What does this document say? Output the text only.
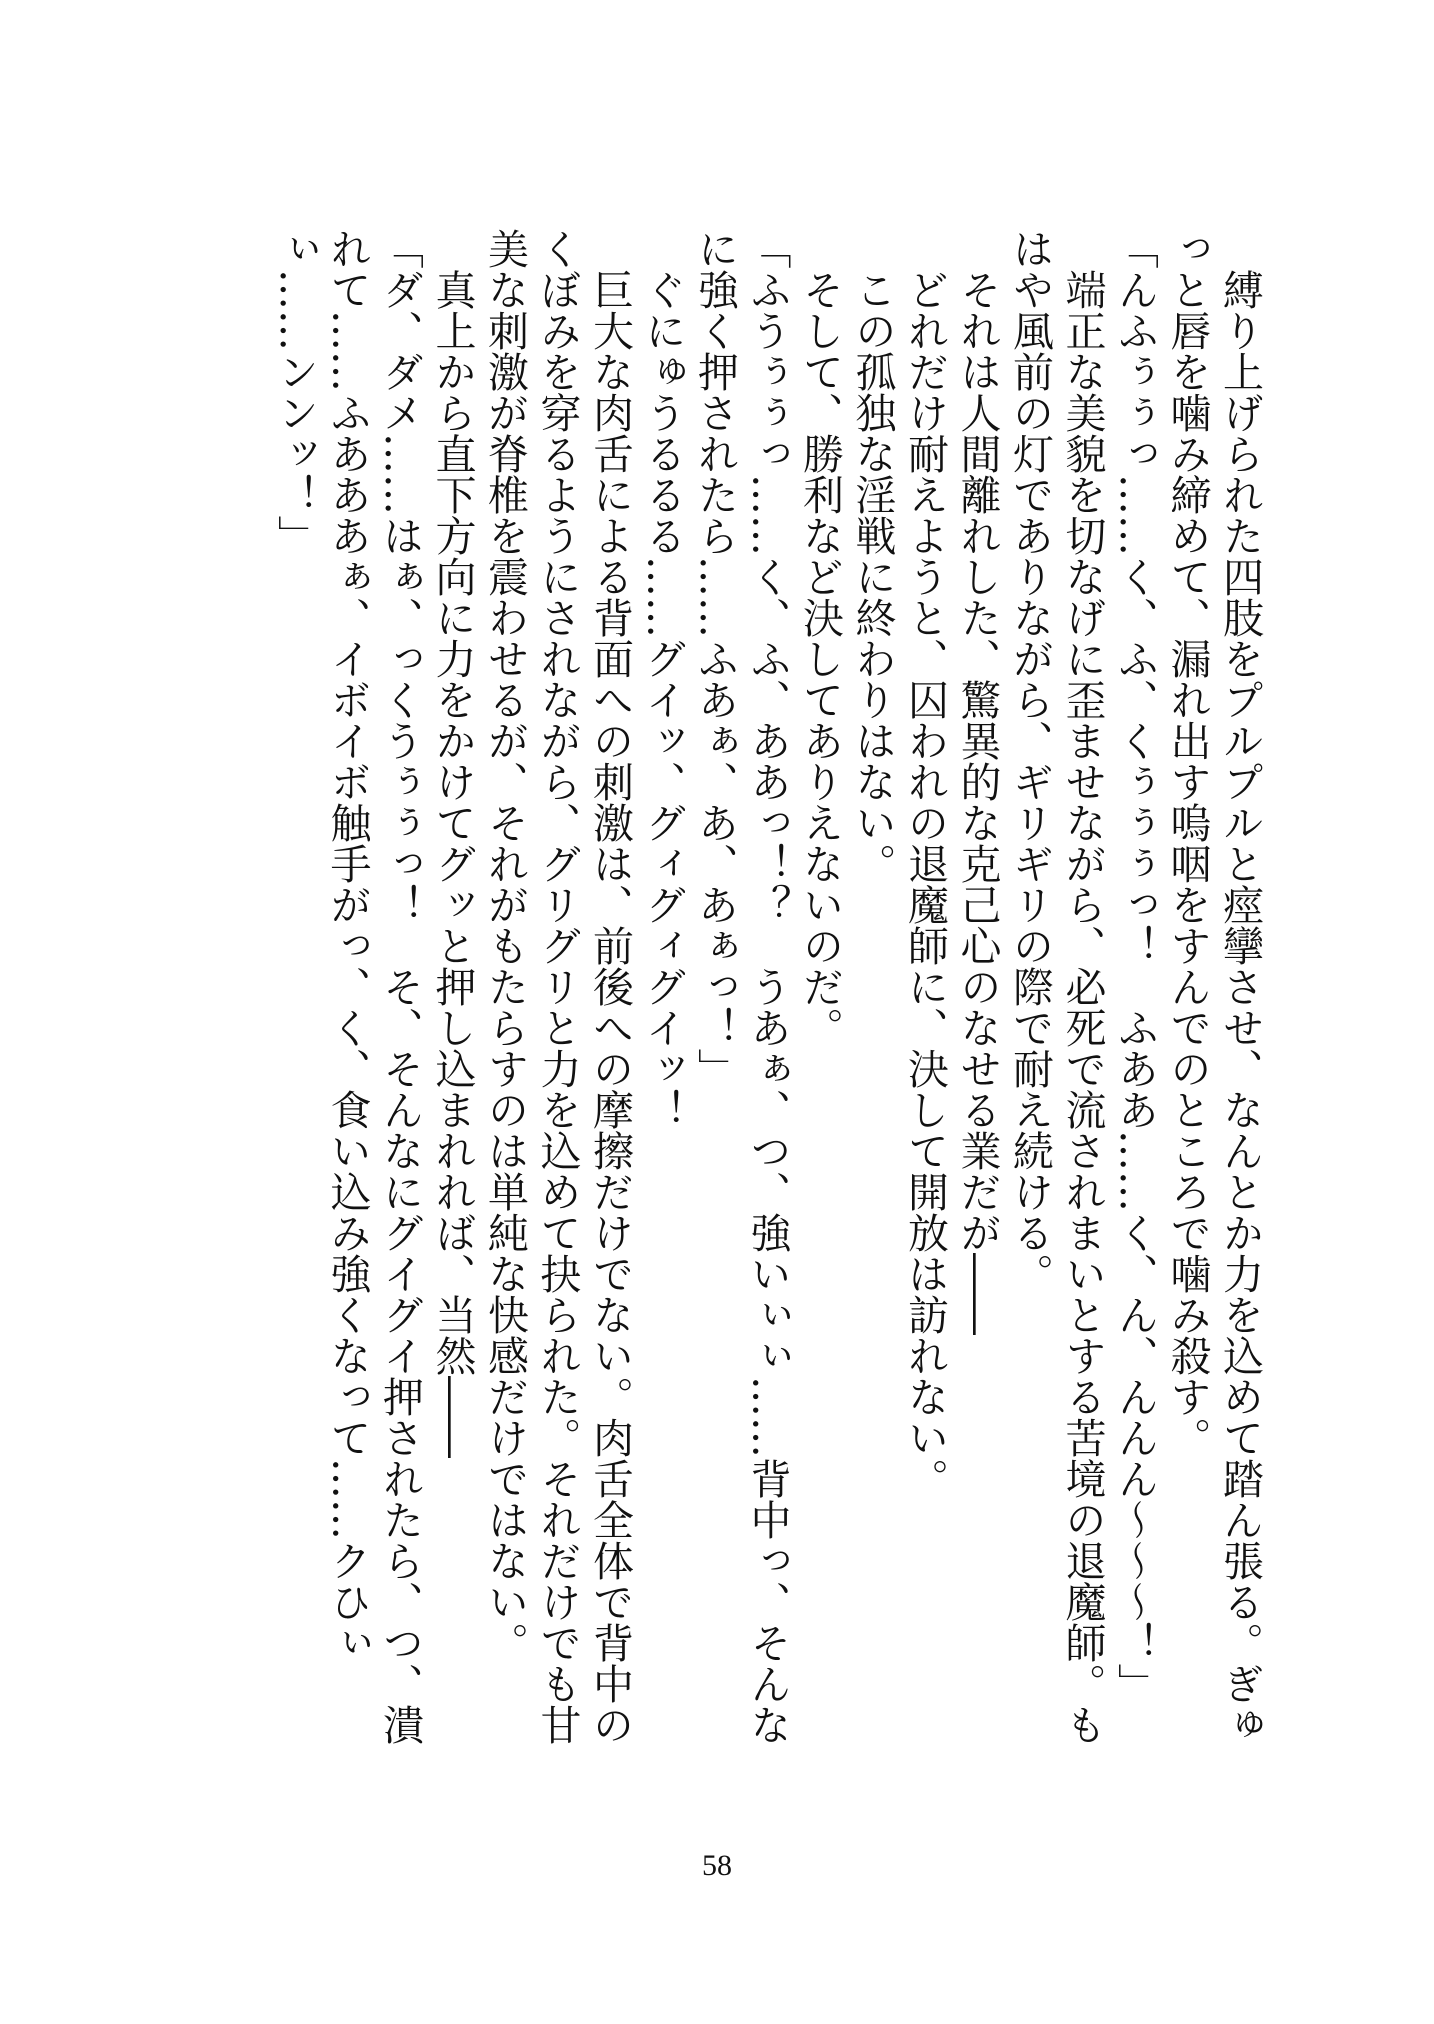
　縛り上げられた四肢をプルプルと痙攣させ、なんとか力を込めて踏ん張る。ぎゅっと唇を噛み締めて、漏れ出す嗚咽をすんでのところで噛み殺す。

「んふぅぅっ……く、ふ、くぅぅぅっ！　ふああ……く、ん、んんん〜〜〜！」

　端正な美貌を切なげに歪ませながら、必死で流されまいとする苦境の退魔師。もはや風前の灯でありながら、ギリギリの際で耐え続ける。

　それは人間離れした、驚異的な克己心のなせる業だが――

　どれだけ耐えようと、囚われの退魔師に、決して開放は訪れない。

　この孤独な淫戦に終わりはない。

　そして、勝利など決してありえないのだ。

「ふうぅぅっ……く、ふ、ああっ！？　うあぁ、つ、強いぃぃ……背中っ、そんなに強く押されたら……ふあぁ、あ、あぁっ！」

　ぐにゅうるるる……グイッ、グィグィグイッ！

　巨大な肉舌による背面への刺激は、前後への摩擦だけでない。肉舌全体で背中のくぼみを穿るようにされながら、グリグリと力を込めて抉られた。それだけでも甘美な刺激が脊椎を震わせるが、それがもたらすのは単純な快感だけではない。

　真上から直下方向に力をかけてグッと押し込まれれば、当然――

「ダ、ダメ……はぁ、っくうぅぅっ！　そ、そんなにグイグイ押されたら、つ、潰れて……ふあああぁ、イボイボ触手がっ、く、食い込み強くなって……クひぃぃ……ンンッ！」

58
